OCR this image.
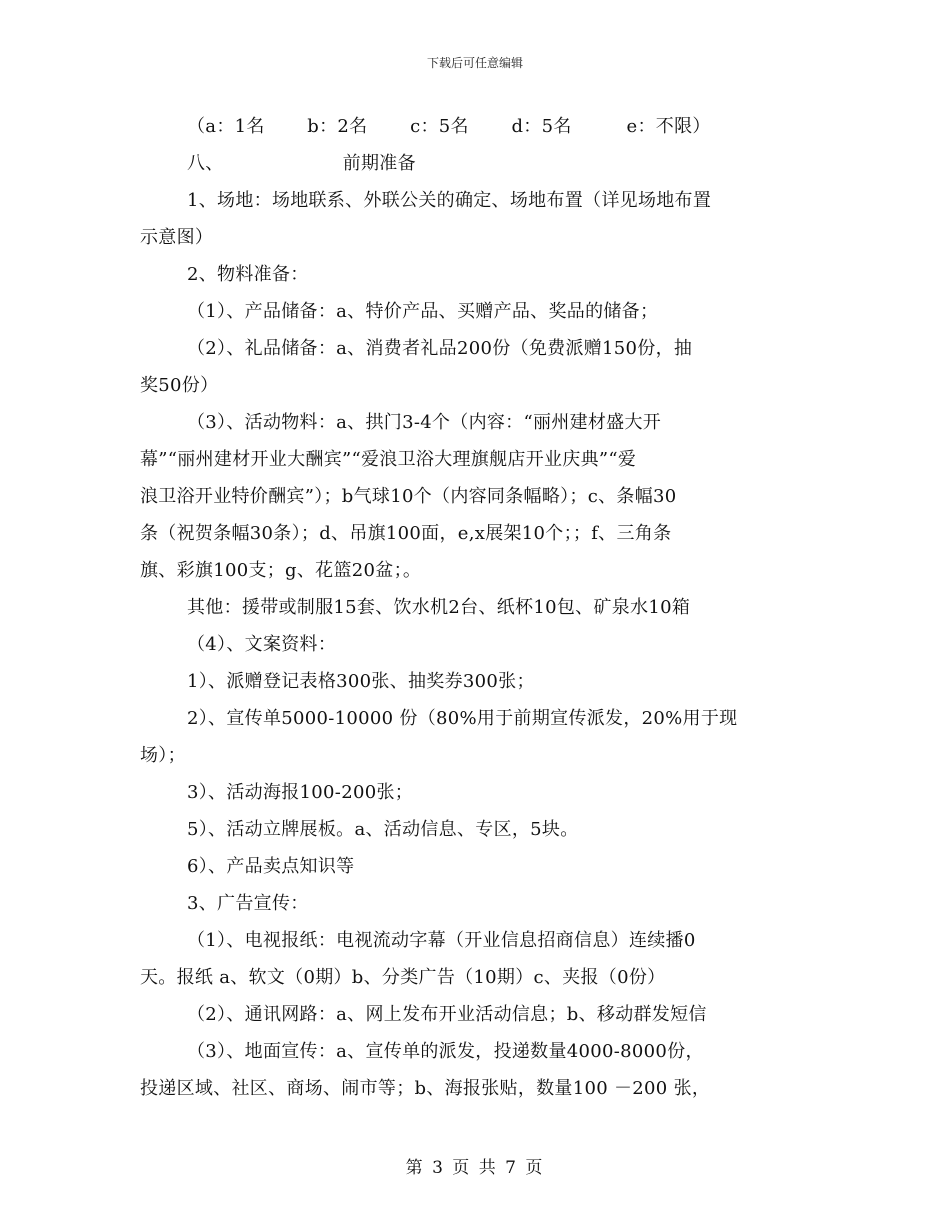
下载后可任意编辑
（a：1名　　 b：2名　　 c：5名　　 d：5名　　　e：不限）
八、　　　　　　　前期准备
1、场地：场地联系、外联公关的确定、场地布置（详见场地布置
示意图）
2、物料准备：
（1）、产品储备：a、特价产品、买赠产品、奖品的储备；
（2）、礼品储备：a、消费者礼品200份（免费派赠150份，抽
奖50份）
（3）、活动物料：a、拱门3-4个（内容：“丽州建材盛大开
幕”“丽州建材开业大酬宾”“爱浪卫浴大理旗舰店开业庆典”“爱
浪卫浴开业特价酬宾”）；b气球10个（内容同条幅略）；c、条幅30
条（祝贺条幅30条）；d、吊旗100面，e,x展架10个；；f、三角条
旗、彩旗100支；g、花篮20盆；。
其他：援带或制服15套、饮水机2台、纸杯10包、矿泉水10箱
（4）、文案资料：
1）、派赠登记表格300张、抽奖券300张；
2）、宣传单5000-10000 份（80%用于前期宣传派发，20%用于现
场）；
3）、活动海报100-200张；
5）、活动立牌展板。a、活动信息、专区，5块。
6）、产品卖点知识等
3、广告宣传：
（1）、电视报纸：电视流动字幕（开业信息招商信息）连续播0
天。报纸 a、软文（0期）b、分类广告（10期）c、夹报（0份）
（2）、通讯网路：a、网上发布开业活动信息；b、移动群发短信
（3）、地面宣传：a、宣传单的派发，投递数量4000-8000份，
投递区域、社区、商场、闹市等；b、海报张贴，数量100 －200 张，
第 3 页 共 7 页
